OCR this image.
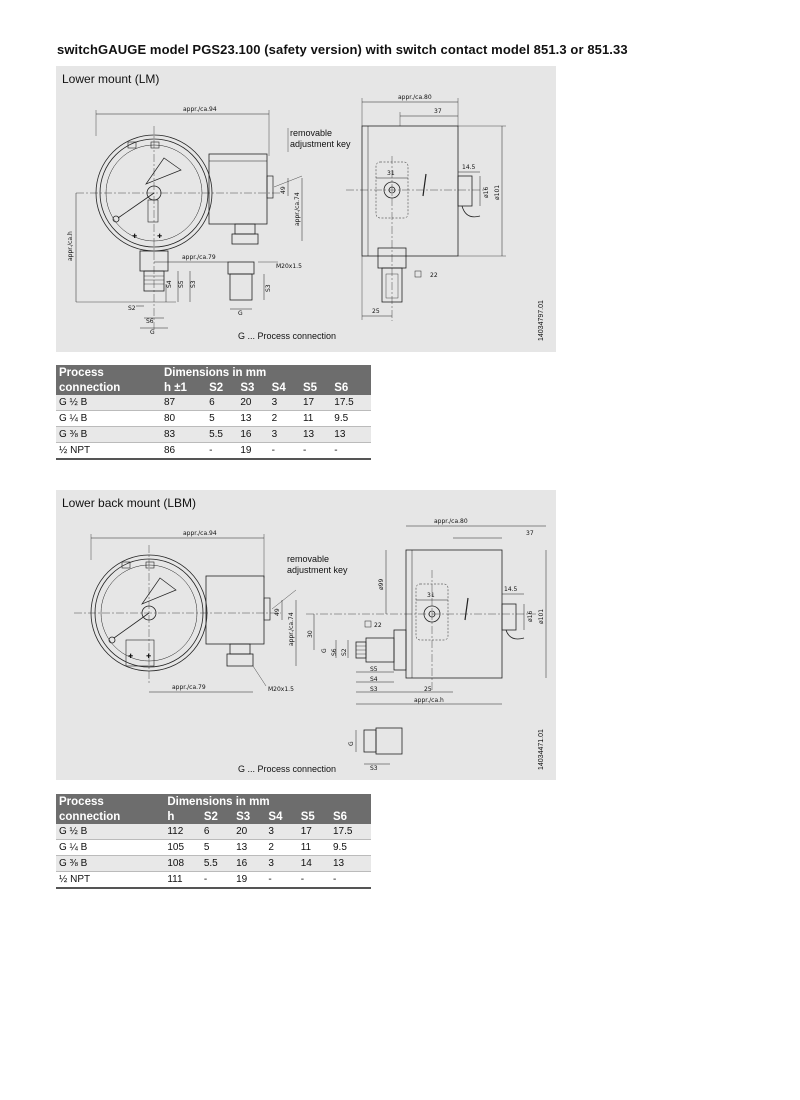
switchGAUGE model PGS23.100 (safety version) with switch contact model 851.3 or 851.33
Lower mount (LM)
✚	✚
appr./ca.94
appr./ca.80
37
removable
adjustment key
49
appr./ca.74
appr./ca.h	appr./ca.79
M20x1.5
31
14.5
ø16 ø101
22
25
S2
S4 S5 S3
S3
S6
G
G
G ... Process connection	14034797.01
Process	Dimensions in mm					
connection	h ±1	S2	S3	S4	S5	S6
G ½ B	87	6	20	3	17	17.5
G ¼ B	80	5	13	2	11	9.5
G ⅜ B	83	5.5	16	3	13	13
½ NPT	86	-	19	-	-	-
Lower back mount (LBM)
✚ ✚
appr./ca.94
appr./ca.80
37
removable
adjustment key
49
appr./ca.74
appr./ca.79	M20x1.5
ø99
31
14.5
ø16 ø101
22
30
G S6 S2
S5
S4
S3	25
appr./ca.h
G
S3
G ... Process connection	14034471.01
Process	Dimensions in mm					
connection	h	S2	S3	S4	S5	S6
G ½ B	112	6	20	3	17	17.5
G ¼ B	105	5	13	2	11	9.5
G ⅜ B	108	5.5	16	3	14	13
½ NPT	111	-	19	-	-	-
